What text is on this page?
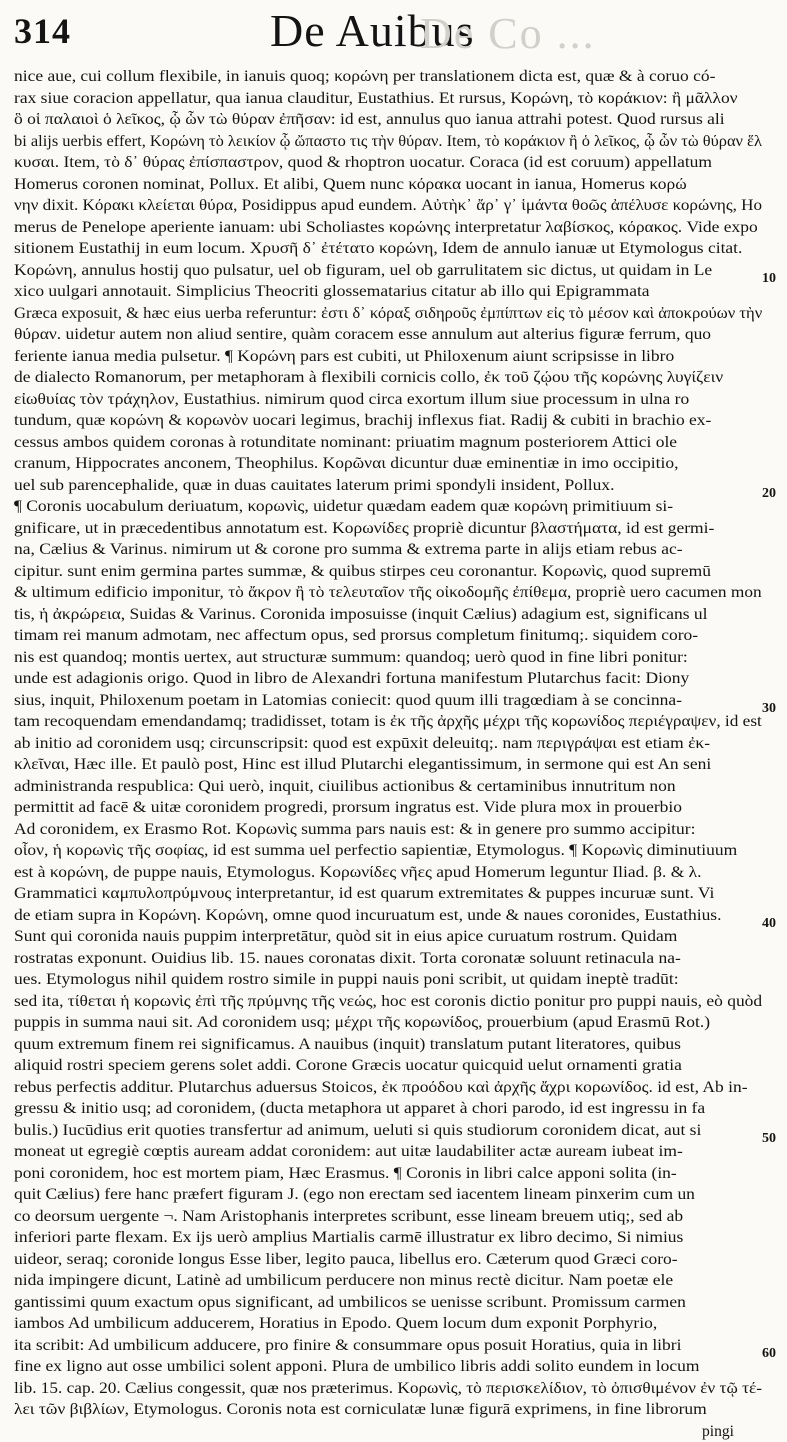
314	De Auibus
De Co ...
nice aue, cui collum flexibile, in ianuis quoq; κορώνη per translationem dicta est, quæ & à coruo có-
rax siue coracion appellatur, qua ianua clauditur, Eustathius. Et rursus, Κορώνη, τὸ κοράκιον: ἢ μᾶλλον
ὃ οἱ παλαιοὶ ὁ λεῖκος, ᾧ ὧν τὼ θύραν ἐπῆσαν: id est, annulus quo ianua attrahi potest. Quod rursus ali
bi alijs uerbis effert, Κορώνη τὸ λεικίον ᾧ ὤπαστο τις τὴν θύραν. Item, τὸ κοράκιον ἢ ὁ λεῖκος, ᾧ ὧν τὼ θύραν ἕλ
κυσαι. Item, τὸ δ᾽ θύρας ἐπίσπαστρον, quod & rhoptron uocatur. Coraca (id est coruum) appellatum
Homerus coronen nominat, Pollux. Et alibi, Quem nunc κόρακα uocant in ianua, Homerus κορώ
νην dixit. Κόρακι κλείεται θύρα, Posidippus apud eundem. Αὐτὴκ᾽ ἄρ᾽ γ᾽ ἱμάντα θοῶς ἀπέλυσε κορώνης, Ho
merus de Penelope aperiente ianuam: ubi Scholiastes κορώνης interpretatur λαβίσκος, κόρακος. Vide expo
sitionem Eustathij in eum locum. Χρυσῆ δ᾽ ἐτέτατο κορώνη, Idem de annulo ianuæ ut Etymologus citat.
Κορώνη, annulus hostij quo pulsatur, uel ob figuram, uel ob garrulitatem sic dictus, ut quidam in Le
xico uulgari annotauit. Simplicius Theocriti glossematarius citatur ab illo qui Epigrammata
Græca exposuit, & hæc eius uerba referuntur: ἐστι δ᾽ κόραξ σιδηροῦς ἐμπίπτων εἰς τὸ μέσον καὶ ἀποκρούων τὴν
θύραν. uidetur autem non aliud sentire, quàm coracem esse annulum aut alterius figuræ ferrum, quo
feriente ianua media pulsetur. ¶ Κορώνη pars est cubiti, ut Philoxenum aiunt scripsisse in libro
de dialecto Romanorum, per metaphoram à flexibili cornicis collo, ἐκ τοῦ ζῴου τῆς κορώνης λυγίζειν
εἰωθυίας τὸν τράχηλον, Eustathius. nimirum quod circa exortum illum siue processum in ulna ro
tundum, quæ κορώνη & κορωνὸν uocari legimus, brachij inflexus fiat. Radij & cubiti in brachio ex-
cessus ambos quidem coronas à rotunditate nominant: priuatim magnum posteriorem Attici ole
cranum, Hippocrates anconem, Theophilus. Κορῶναι dicuntur duæ eminentiæ in imo occipitio,
uel sub parencephalide, quæ in duas cauitates laterum primi spondyli insident, Pollux.
¶ Coronis uocabulum deriuatum, κορωνὶς, uidetur quædam eadem quæ κορώνη primitiuum si-
gnificare, ut in præcedentibus annotatum est. Κορωνίδες propriè dicuntur βλαστήματα, id est germi-
na, Cælius & Varinus. nimirum ut & corone pro summa & extrema parte in alijs etiam rebus ac-
cipitur. sunt enim germina partes summæ, & quibus stirpes ceu coronantur. Κορωνὶς, quod supremū
& ultimum edificio imponitur, τὸ ἄκρον ἢ τὸ τελευταῖον τῆς οἰκοδομῆς ἐπίθεμα, propriè uero cacumen mon
tis, ἡ ἀκρώρεια, Suidas & Varinus. Coronida imposuisse (inquit Cælius) adagium est, significans ul
timam rei manum admotam, nec affectum opus, sed prorsus completum finitumq;. siquidem coro-
nis est quandoq; montis uertex, aut structuræ summum: quandoq; uerò quod in fine libri ponitur:
unde est adagionis origo. Quod in libro de Alexandri fortuna manifestum Plutarchus facit: Diony
sius, inquit, Philoxenum poetam in Latomias coniecit: quod quum illi tragœdiam à se concinna-
tam recoquendam emendandamq; tradidisset, totam is ἐκ τῆς ἀρχῆς μέχρι τῆς κορωνίδος περιέγραψεν, id est
ab initio ad coronidem usq; circunscripsit: quod est expūxit deleuitq;. nam περιγράψαι est etiam ἐκ-
κλεῖναι, Hæc ille. Et paulò post, Hinc est illud Plutarchi elegantissimum, in sermone qui est An seni
administranda respublica: Qui uerò, inquit, ciuilibus actionibus & certaminibus innutritum non
permittit ad facē & uitæ coronidem progredi, prorsum ingratus est. Vide plura mox in prouerbio
Ad coronidem, ex Erasmo Rot. Κορωνὶς summa pars nauis est: & in genere pro summo accipitur:
οἷον, ἡ κορωνὶς τῆς σοφίας, id est summa uel perfectio sapientiæ, Etymologus. ¶ Κορωνὶς diminutiuum
est à κορώνη, de puppe nauis, Etymologus. Κορωνίδες νῆες apud Homerum leguntur Iliad. β. & λ.
Grammatici καμπυλοπρύμνους interpretantur, id est quarum extremitates & puppes incuruæ sunt. Vi
de etiam supra in Κορώνη. Κορώνη, omne quod incuruatum est, unde & naues coronides, Eustathius.
Sunt qui coronida nauis puppim interpretātur, quòd sit in eius apice curuatum rostrum. Quidam
rostratas exponunt. Ouidius lib. 15. naues coronatas dixit. Torta coronatæ soluunt retinacula na-
ues. Etymologus nihil quidem rostro simile in puppi nauis poni scribit, ut quidam ineptè tradūt:
sed ita, τίθεται ἡ κορωνὶς ἐπὶ τῆς πρύμνης τῆς νεώς, hoc est coronis dictio ponitur pro puppi nauis, eò quòd
puppis in summa naui sit. Ad coronidem usq; μέχρι τῆς κορωνίδος, prouerbium (apud Erasmū Rot.)
quum extremum finem rei significamus. A nauibus (inquit) translatum putant literatores, quibus
aliquid rostri speciem gerens solet addi. Corone Græcis uocatur quicquid uelut ornamenti gratia
rebus perfectis additur. Plutarchus aduersus Stoicos, ἐκ προόδου καὶ ἀρχῆς ἄχρι κορωνίδος. id est, Ab in-
gressu & initio usq; ad coronidem, (ducta metaphora ut apparet à chori parodo, id est ingressu in fa
bulis.) Iucūdius erit quoties transfertur ad animum, ueluti si quis studiorum coronidem dicat, aut si
moneat ut egregiè cœptis auream addat coronidem: aut uitæ laudabiliter actæ auream iubeat im-
poni coronidem, hoc est mortem piam, Hæc Erasmus. ¶ Coronis in libri calce apponi solita (in-
quit Cælius) fere hanc præfert figuram J. (ego non erectam sed iacentem lineam pinxerim cum un
co deorsum uergente ¬. Nam Aristophanis interpretes scribunt, esse lineam breuem utiq;, sed ab
inferiori parte flexam. Ex ijs uerò amplius Martialis carmē illustratur ex libro decimo, Si nimius
uideor, seraq; coronide longus Esse liber, legito pauca, libellus ero. Cæterum quod Græci coro-
nida impingere dicunt, Latinè ad umbilicum perducere non minus rectè dicitur. Nam poetæ ele
gantissimi quum exactum opus significant, ad umbilicos se uenisse scribunt. Promissum carmen
iambos Ad umbilicum adducerem, Horatius in Epodo. Quem locum dum exponit Porphyrio,
ita scribit: Ad umbilicum adducere, pro finire & consummare opus posuit Horatius, quia in libri
fine ex ligno aut osse umbilici solent apponi. Plura de umbilico libris addi solito eundem in locum
lib. 15. cap. 20. Cælius congessit, quæ nos præterimus. Κορωνὶς, τὸ περισκελίδιον, τὸ ὀπισθιμένον ἐν τῷ τέ-
λει τῶν βιβλίων, Etymologus. Coronis nota est corniculatæ lunæ figurā exprimens, in fine librorum
pingi
10
20
30
40
50
60
